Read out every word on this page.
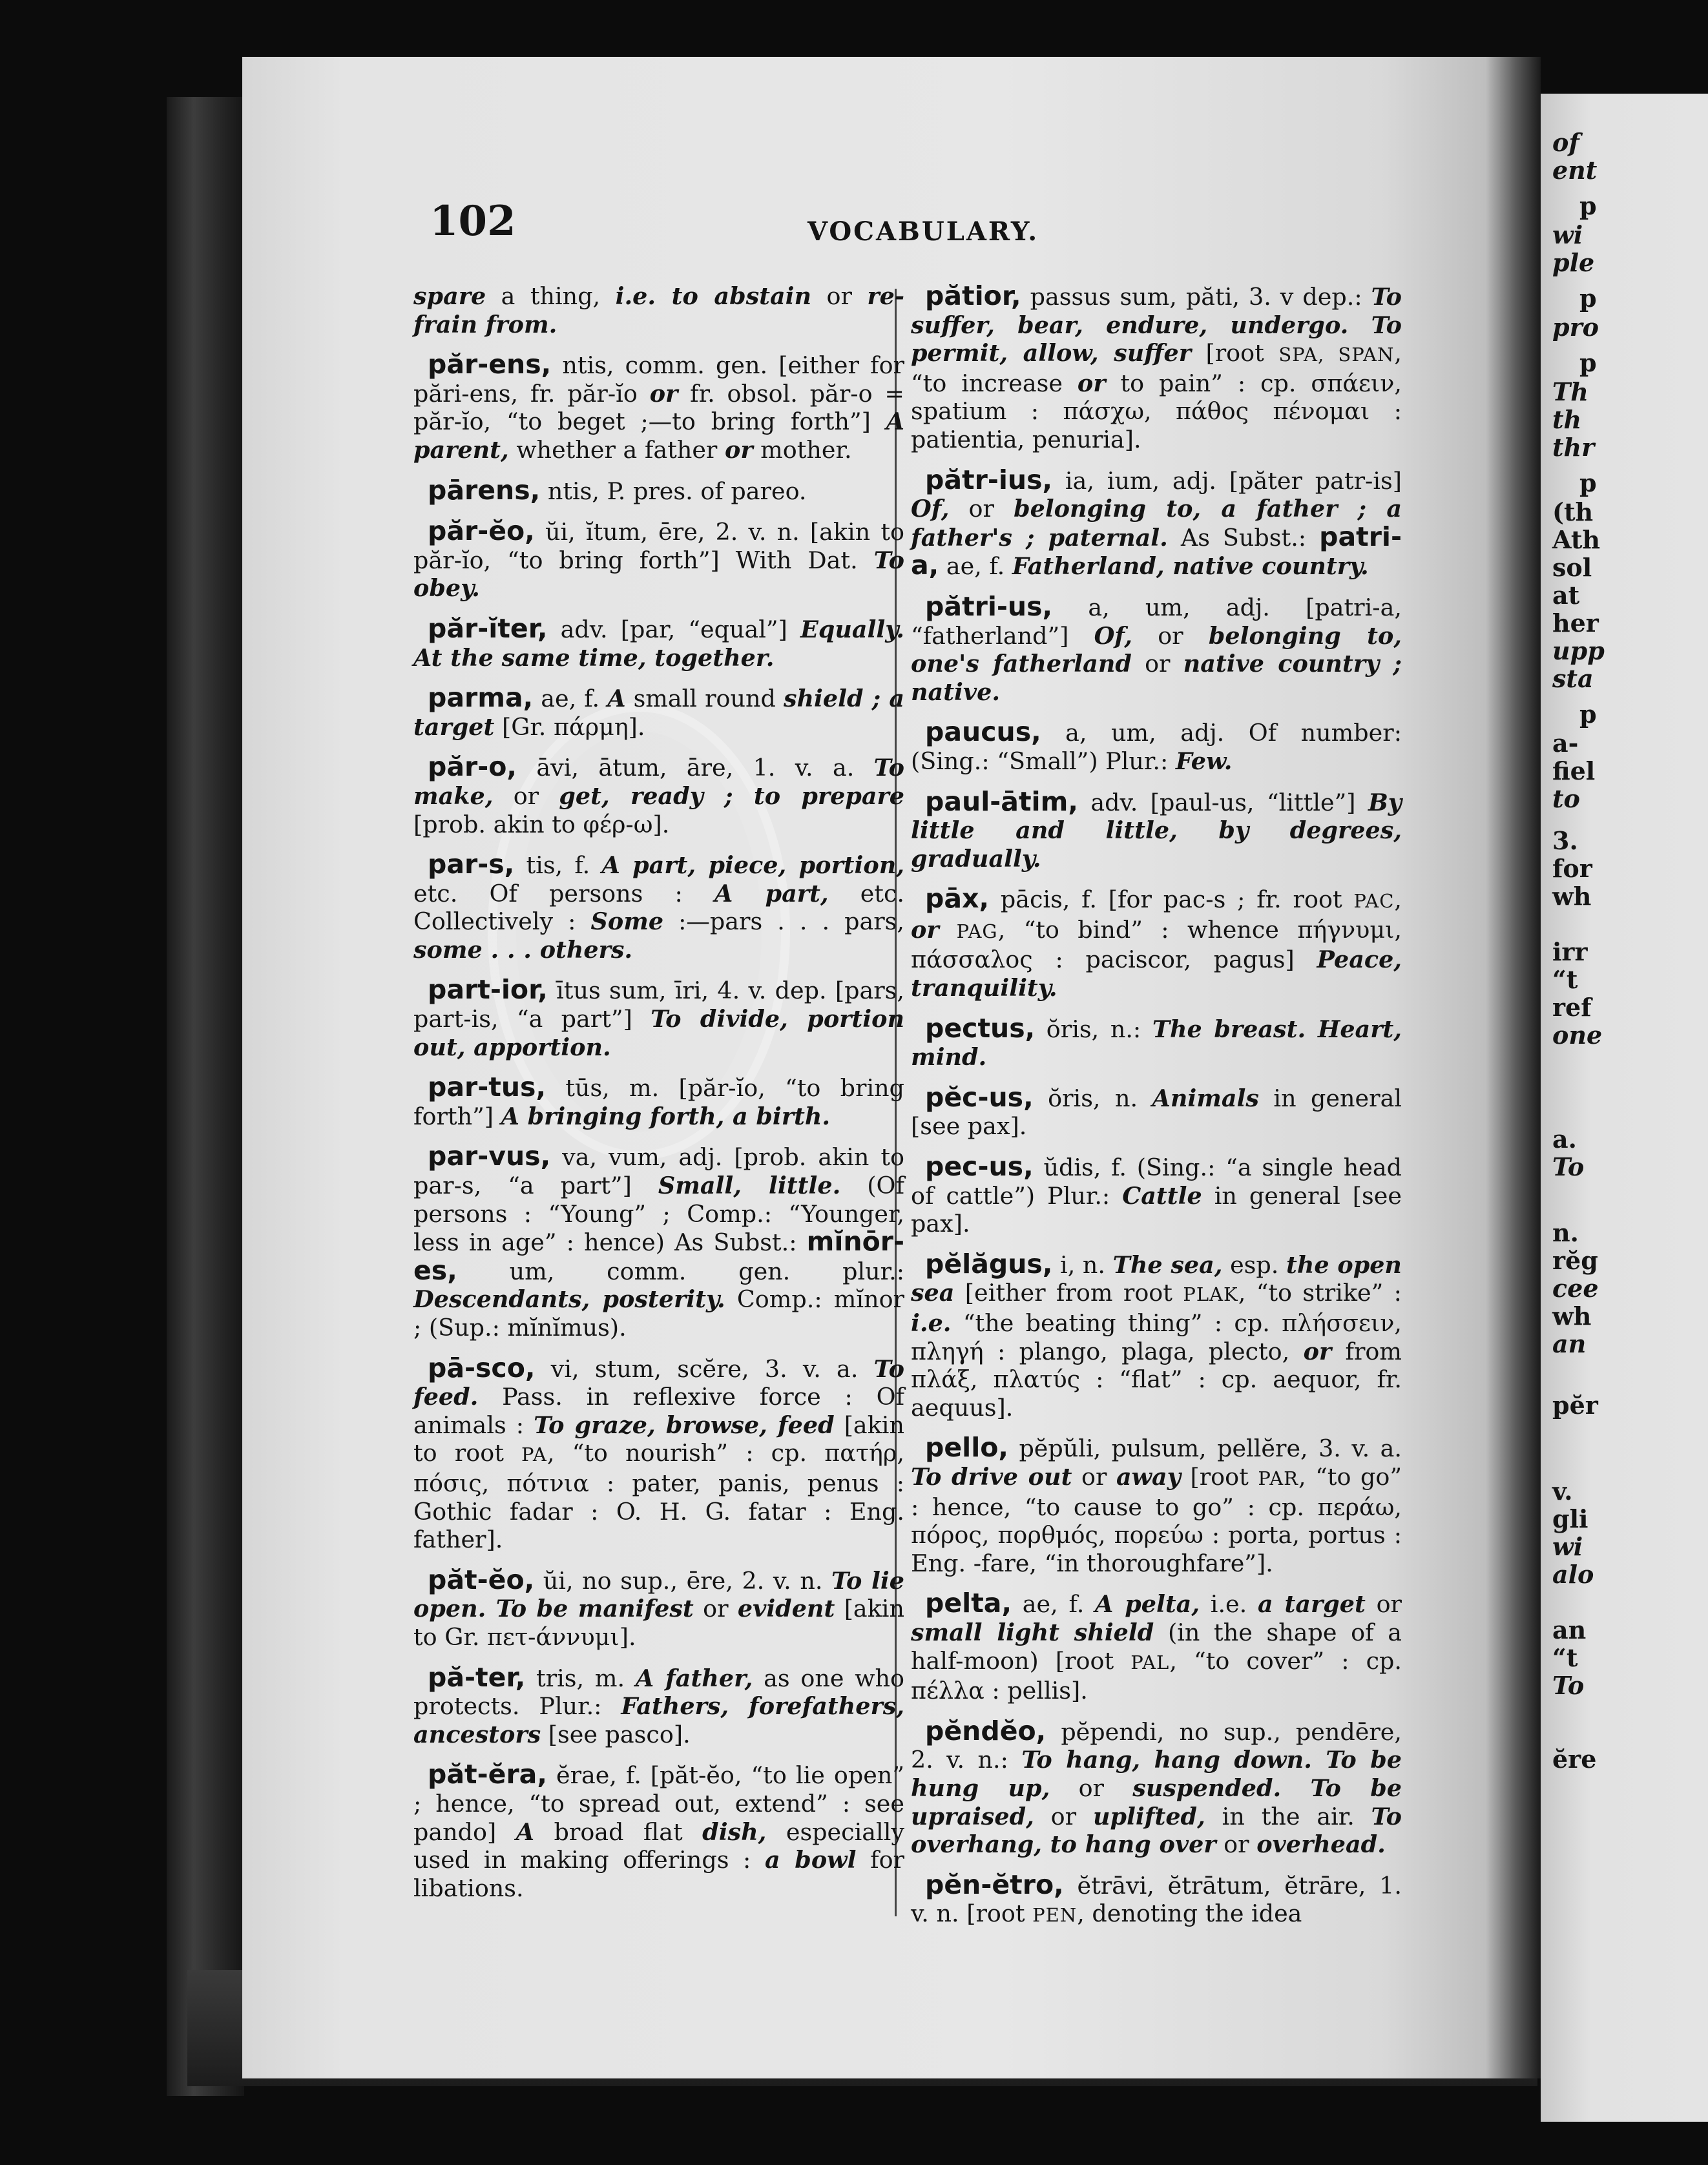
of
ent
p
wi
ple
p
pro
p
Th
th
thr
p
(th
Ath
sol
at
her
upp
sta
p
a-
fiel
to
3.
for
wh
irr
“t
ref
one
a.
To
n.
rĕg
cee
wh
an
pĕr
v.
gli
wi
alo
an
“t
To
ĕre
102	VOCABULARY.

spare a thing, i.e. to abstain or re-frain from.

păr-ens, ntis, comm. gen. [either for pări-ens, fr. păr-ĭo or fr. obsol. păr-o = păr-ĭo, “to beget ;—to bring forth”] A parent, whether a father or mother.

pārens, ntis, P. pres. of pareo.

păr-ĕo, ŭi, ĭtum, ēre, 2. v. n. [akin to păr-ĭo, “to bring forth”] With Dat. To obey.

păr-ĭter, adv. [par, “equal”] Equally. At the same time, together.

parma, ae, f. A small round shield ; a target [Gr. πάρμη].

păr-o, āvi, ātum, āre, 1. v. a. To make, or get, ready ; to prepare [prob. akin to φέρ-ω].

par-s, tis, f. A part, piece, portion, etc. Of persons : A part, etc. Collectively : Some :—pars . . . pars, some . . . others.

part-ior, ītus sum, īri, 4. v. dep. [pars, part-is, “a part”] To divide, portion out, apportion.

par-tus, tūs, m. [păr-ĭo, “to bring forth”] A bringing forth, a birth.

par-vus, va, vum, adj. [prob. akin to par-s, “a part”] Small, little. (Of persons : “Young” ; Comp.: “Younger, less in age” : hence) As Subst.: mĭnōr-es, um, comm. gen. plur.: Descendants, posterity. Comp.: mĭnor ; (Sup.: mĭnĭmus).

pā-sco, vi, stum, scĕre, 3. v. a. To feed. Pass. in reflexive force : Of animals : To graze, browse, feed [akin to root PA, “to nourish” : cp. πατήρ, πόσις, πότνια : pater, panis, penus : Gothic fadar : O. H. G. fatar : Eng. father].

păt-ĕo, ŭi, no sup., ēre, 2. v. n. To lie open. To be manifest or evident [akin to Gr. πετ-άννυμι].

pă-ter, tris, m. A father, as one who protects. Plur.: Fathers, forefathers, ancestors [see pasco].

păt-ĕra, ĕrae, f. [păt-ĕo, “to lie open” ; hence, “to spread out, extend” : see pando] A broad flat dish, especially used in making offerings : a bowl for libations.

pătior, passus sum, păti, 3. v dep.: To suffer, bear, endure, undergo. To permit, allow, suffer [root SPA, SPAN, “to increase or to pain” : cp. σπάειν, spatium : πάσχω, πάθος πένομαι : patientia, penuria].

pătr-ius, ia, ium, adj. [păter patr-is] Of, or belonging to, a father ; a father's ; paternal. As Subst.: patri-a, ae, f. Fatherland, native country.

pătri-us, a, um, adj. [patri-a, “fatherland”] Of, or belonging to, one's fatherland or native country ; native.

paucus, a, um, adj. Of number: (Sing.: “Small”) Plur.: Few.

paul-ātim, adv. [paul-us, “little”] By little and little, by degrees, gradually.

pāx, pācis, f. [for pac-s ; fr. root PAC, or PAG, “to bind” : whence πήγνυμι, πάσσαλος : paciscor, pagus] Peace, tranquility.

pectus, ŏris, n.: The breast. Heart, mind.

pĕc-us, ŏris, n. Animals in general [see pax].

pec-us, ŭdis, f. (Sing.: “a single head of cattle”) Plur.: Cattle in general [see pax].

pĕlăgus, i, n. The sea, esp. the open sea [either from root PLAK, “to strike” : i.e. “the beating thing” : cp. πλήσσειν, πληγή : plango, plaga, plecto, or from πλάξ, πλατύς : “flat” : cp. aequor, fr. aequus].

pello, pĕpŭli, pulsum, pellĕre, 3. v. a. To drive out or away [root PAR, “to go” : hence, “to cause to go” : cp. περάω, πόρος, πορθμός, πορεύω : porta, portus : Eng. -fare, “in thoroughfare”].

pelta, ae, f. A pelta, i.e. a target or small light shield (in the shape of a half-moon) [root PAL, “to cover” : cp. πέλλα : pellis].

pĕndĕo, pĕpendi, no sup., pendēre, 2. v. n.: To hang, hang down. To be hung up, or suspended. To be upraised, or uplifted, in the air. To overhang, to hang over or overhead.

pĕn-ĕtro, ĕtrāvi, ĕtrātum, ĕtrāre, 1. v. n. [root PEN, denoting the idea
